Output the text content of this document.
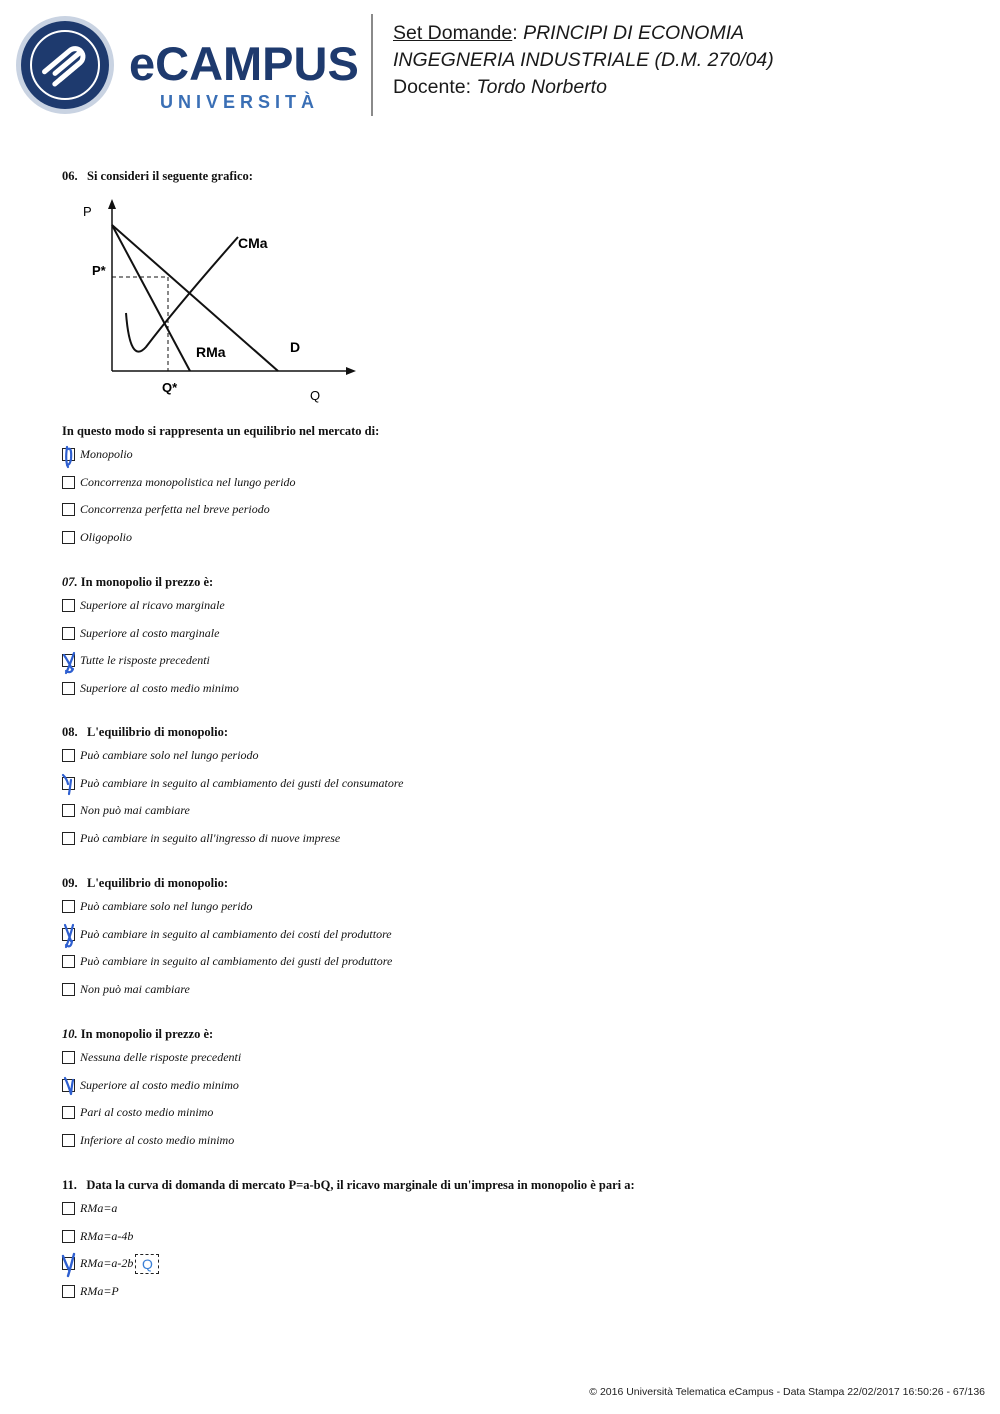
eCAMPUS
UNIVERSITÀ
Set Domande: PRINCIPI DI ECONOMIA
INGEGNERIA INDUSTRIALE (D.M. 270/04)
Docente: Tordo Norberto
06. Si consideri il seguente grafico:
P
P*
CMa
RMa	D
Q*
Q
In questo modo si rappresenta un equilibrio nel mercato di:
Monopolio
Concorrenza monopolistica nel lungo perido
Concorrenza perfetta nel breve periodo
Oligopolio
07. In monopolio il prezzo è:
Superiore al ricavo marginale
Superiore al costo marginale
Tutte le risposte precedenti
Superiore al costo medio minimo
08. L'equilibrio di monopolio:
Può cambiare solo nel lungo periodo
Può cambiare in seguito al cambiamento dei gusti del consumatore
Non può mai cambiare
Può cambiare in seguito all'ingresso di nuove imprese
09. L'equilibrio di monopolio:
Può cambiare solo nel lungo perido
Può cambiare in seguito al cambiamento dei costi del produttore
Può cambiare in seguito al cambiamento dei gusti del produttore
Non può mai cambiare
10. In monopolio il prezzo è:
Nessuna delle risposte precedenti
Superiore al costo medio minimo
Pari al costo medio minimo
Inferiore al costo medio minimo
11. Data la curva di domanda di mercato P=a-bQ, il ricavo marginale di un'impresa in monopolio è pari a:
RMa=a
RMa=a-4b
RMa=a-2b Q
RMa=P
© 2016 Università Telematica eCampus - Data Stampa 22/02/2017 16:50:26 - 67/136
